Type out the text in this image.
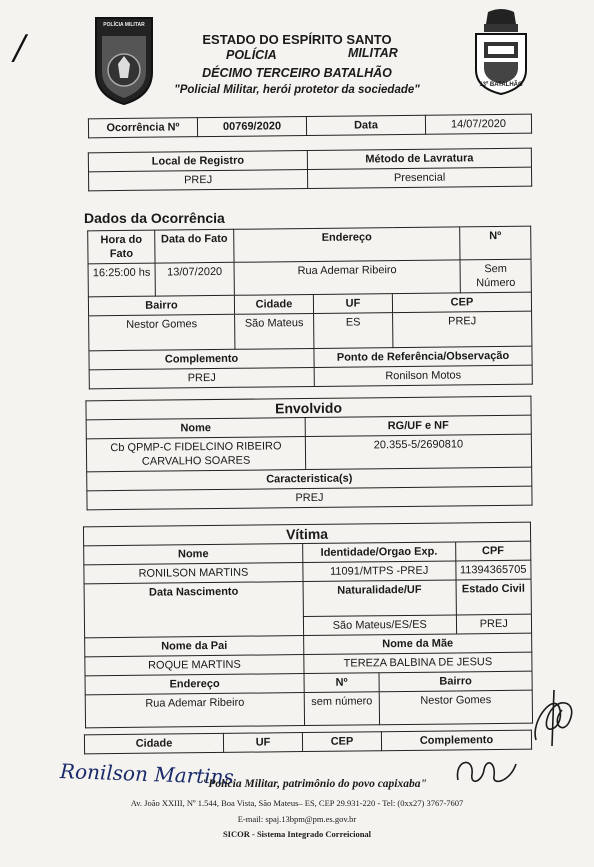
/
POLÍCIA MILITAR
13º BATALHÃO
ESTADO DO ESPÍRITO SANTO
POLÍCIA	MILITAR
DÉCIMO TERCEIRO BATALHÃO
"Policial Militar, herói protetor da sociedade"
Ocorrência Nº	00769/2020	Data	14/07/2020
Local de Registro	Método de Lavratura
PREJ	Presencial
Dados da Ocorrência
Hora do Fato	Data do Fato	Endereço			Nº
16:25:00 hs	13/07/2020	Rua Ademar Ribeiro			Sem Número
Bairro		Cidade	UF	CEP	
Nestor Gomes		São Mateus	ES	PREJ	
Complemento			Ponto de Referência/Observação		
PREJ			Ronilson Motos		
Envolvido	
Nome	RG/UF e NF
Cb QPMP-C FIDELCINO RIBEIRO CARVALHO SOARES	20.355-5/2690810
Caracteristica(s)	
PREJ	
Vítima			
Nome	Identidade/Orgao Exp.		CPF
RONILSON MARTINS	11091/MTPS -PREJ		11394365705
Data Nascimento	Naturalidade/UF		Estado Civil
	São Mateus/ES/ES		PREJ
Nome da Pai	Nome da Mãe		
ROQUE MARTINS	TEREZA BALBINA DE JESUS		
Endereço	Nº	Bairro	
Rua Ademar Ribeiro	sem número	Nestor Gomes	
Cidade	UF	CEP	Complemento
Ronilson Martins
"Policia Militar, patrimônio do povo capixaba"
Av. João XXIII, Nº 1.544, Boa Vista, São Mateus– ES, CEP 29.931-220 - Tel: (0xx27) 3767-7607
E-mail: spaj.13bpm@pm.es.gov.br
SICOR - Sistema Integrado Correicional
